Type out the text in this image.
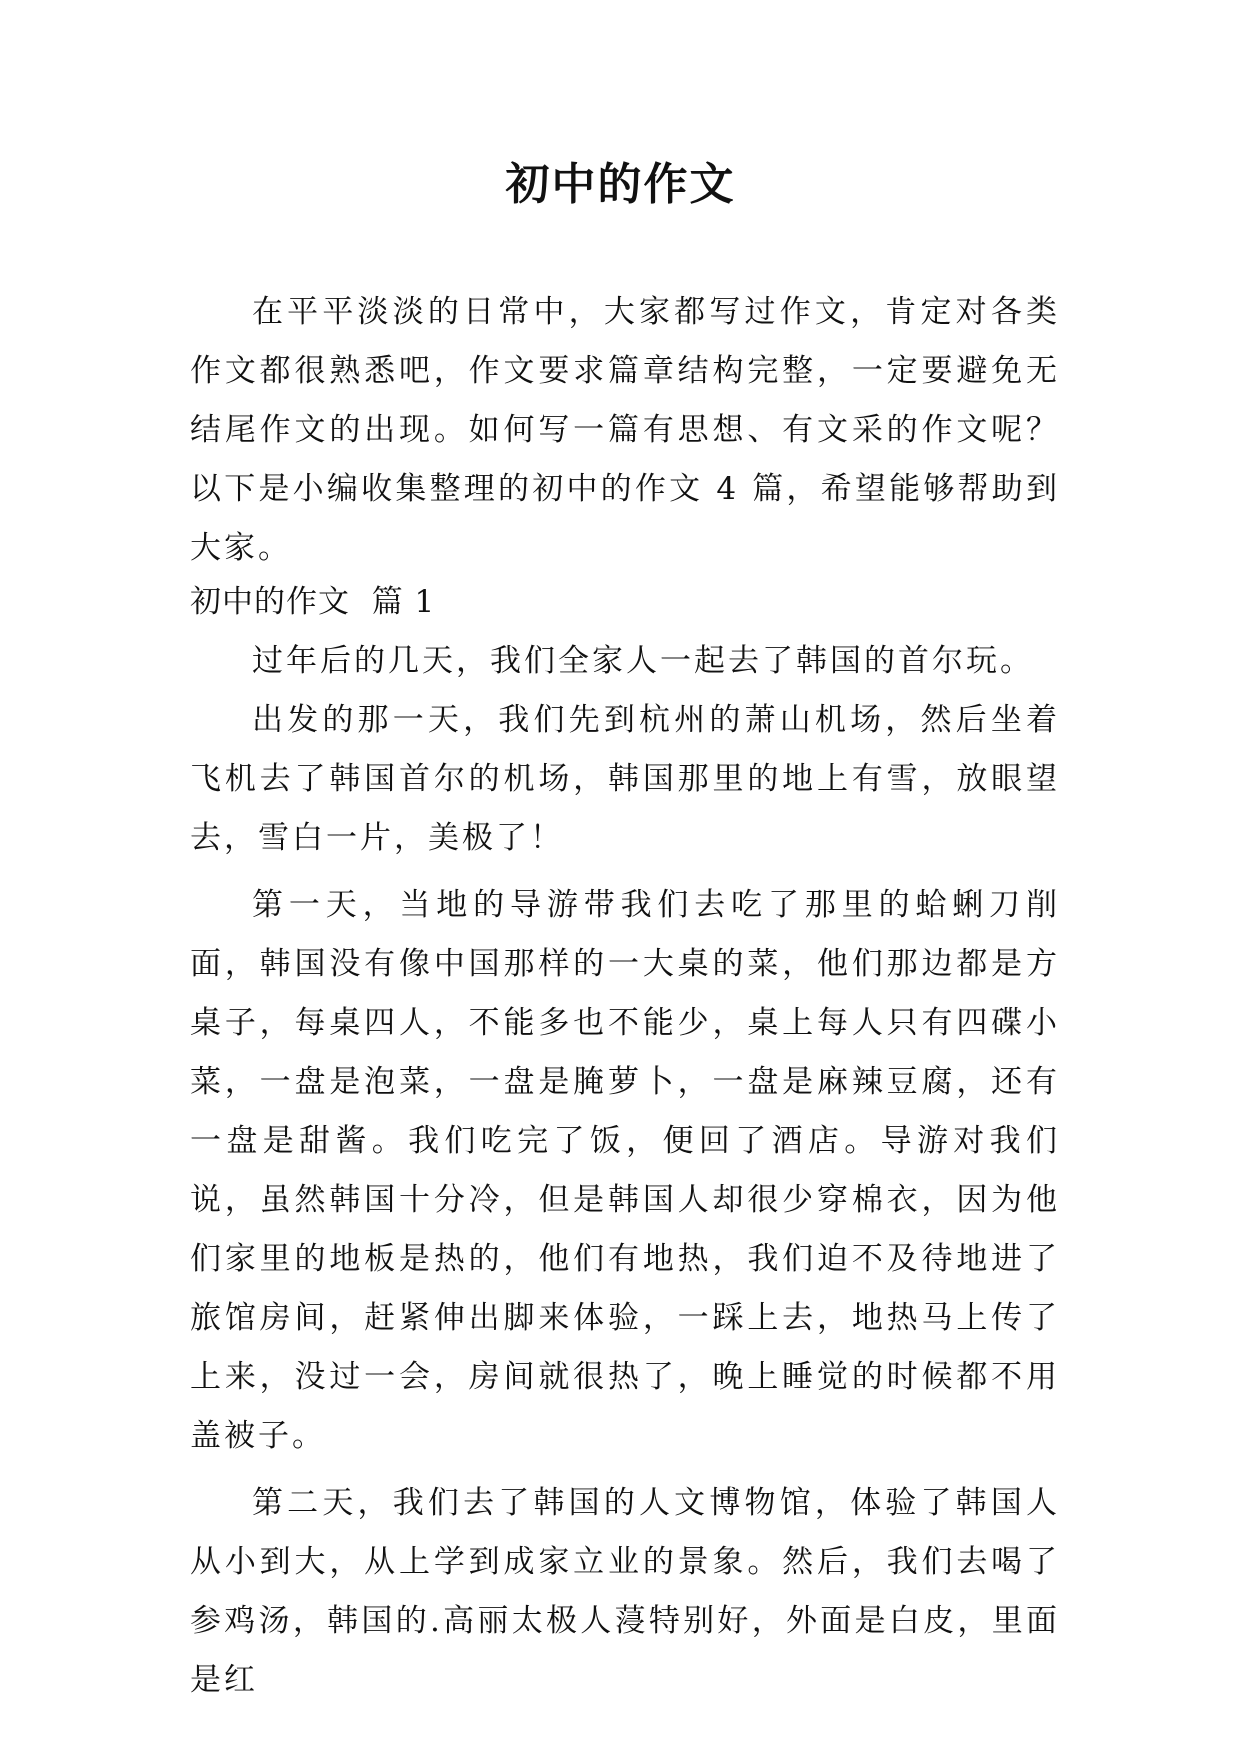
初中的作文

在平平淡淡的日常中，大家都写过作文，肯定对各类作文都很熟悉吧，作文要求篇章结构完整，一定要避免无结尾作文的出现。如何写一篇有思想、有文采的作文呢？以下是小编收集整理的初中的作文 4 篇，希望能够帮助到大家。

初中的作文  篇 1

过年后的几天，我们全家人一起去了韩国的首尔玩。

出发的那一天，我们先到杭州的萧山机场，然后坐着飞机去了韩国首尔的机场，韩国那里的地上有雪，放眼望去，雪白一片，美极了！

第一天，当地的导游带我们去吃了那里的蛤蜊刀削面，韩国没有像中国那样的一大桌的菜，他们那边都是方桌子，每桌四人，不能多也不能少，桌上每人只有四碟小菜，一盘是泡菜，一盘是腌萝卜，一盘是麻辣豆腐，还有一盘是甜酱。我们吃完了饭，便回了酒店。导游对我们说，虽然韩国十分冷，但是韩国人却很少穿棉衣，因为他们家里的地板是热的，他们有地热，我们迫不及待地进了旅馆房间，赶紧伸出脚来体验，一踩上去，地热马上传了上来，没过一会，房间就很热了，晚上睡觉的时候都不用盖被子。

第二天，我们去了韩国的人文博物馆，体验了韩国人从小到大，从上学到成家立业的景象。然后，我们去喝了参鸡汤，韩国的.高丽太极人蓡特别好，外面是白皮，里面是红
